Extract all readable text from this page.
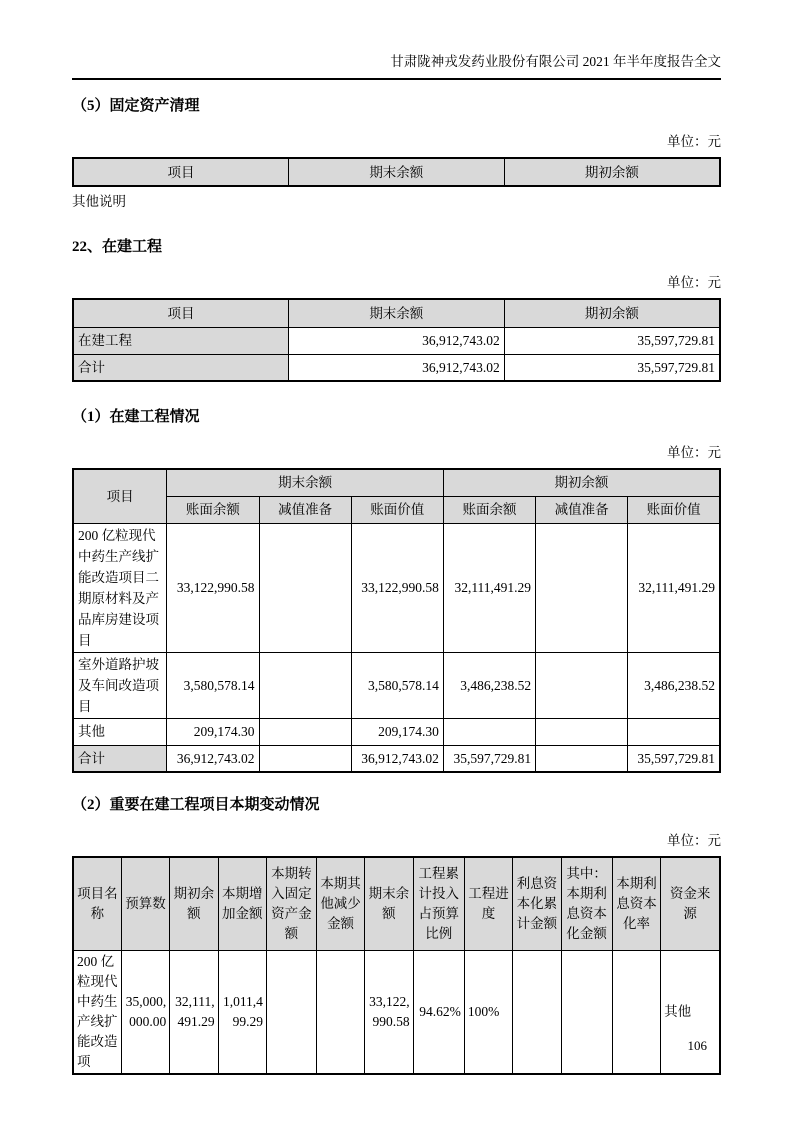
甘肃陇神戎发药业股份有限公司 2021 年半年度报告全文
（5）固定资产清理
单位：元
项目	期末余额	期初余额
其他说明
22、在建工程
单位：元
项目	期末余额	期初余额
在建工程	36,912,743.02	35,597,729.81
合计	36,912,743.02	35,597,729.81
（1）在建工程情况
单位：元
项目	期末余额			期初余额		
	账面余额	减值准备	账面价值	账面余额	减值准备	账面价值
200 亿粒现代中药生产线扩能改造项目二期原材料及产品库房建设项目	33,122,990.58		33,122,990.58	32,111,491.29		32,111,491.29
室外道路护坡及车间改造项目	3,580,578.14		3,580,578.14	3,486,238.52		3,486,238.52
其他	209,174.30		209,174.30			
合计	36,912,743.02		36,912,743.02	35,597,729.81		35,597,729.81
（2）重要在建工程项目本期变动情况
单位：元
项目名称	预算数	期初余额	本期增加金额	本期转入固定资产金额	本期其他减少金额	期末余额	工程累计投入占预算比例	工程进度	利息资本化累计金额	其中：本期利息资本化金额	本期利息资本化率	资金来源
200 亿粒现代中药生产线扩能改造项	35,000,000.00	32,111,491.29	1,011,499.29			33,122,990.58	94.62%	100%				其他
106
